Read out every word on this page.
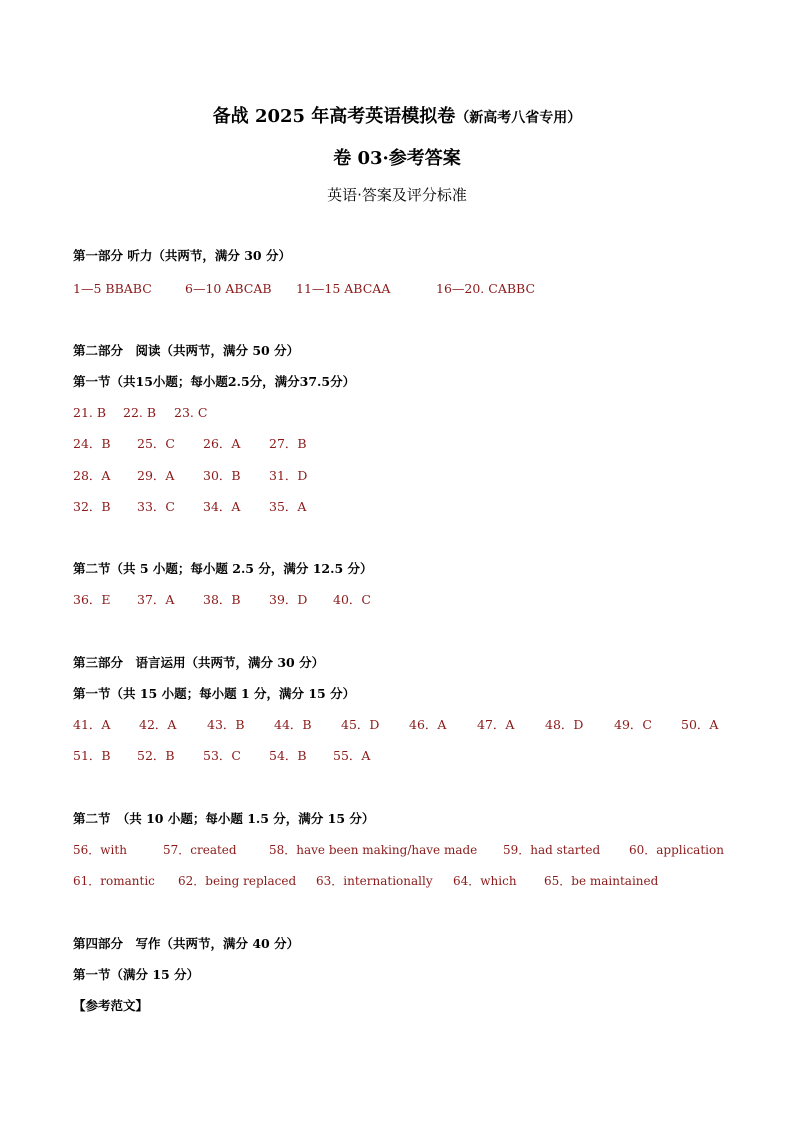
备战 2025 年高考英语模拟卷（新高考八省专用）
卷 03·参考答案
英语·答案及评分标准
第一部分 听力（共两节，满分 30 分）
1—5 BBABC	6—10 ABCAB 11—15 ABCAA	16—20. CABBC
第二部分　阅读（共两节，满分 50 分）
第一节（共15小题；每小题2.5分，满分37.5分）
21. B 22. B 23. C
24．B 25．C 26．A 27．B
28．A 29．A 30．B 31．D
32．B 33．C 34．A 35．A
第二节（共 5 小题；每小题 2.5 分，满分 12.5 分）
36．E 37．A 38．B 39．D 40．C
第三部分　语言运用（共两节，满分 30 分）
第一节（共 15 小题；每小题 1 分，满分 15 分）
41．A 42．A 43．B 44．B 45．D 46．A 47．A 48．D 49．C 50．A
51．B 52．B 53．C 54．B 55．A
第二节　（共 10 小题；每小题 1.5 分，满分 15 分）
56．with	57．created	58．have been making/have made 59．had started 60．application
61．romantic 62．being replaced 63．internationally 64．which 65．be maintained
第四部分　写作（共两节，满分 40 分）
第一节（满分 15 分）
【参考范文】
